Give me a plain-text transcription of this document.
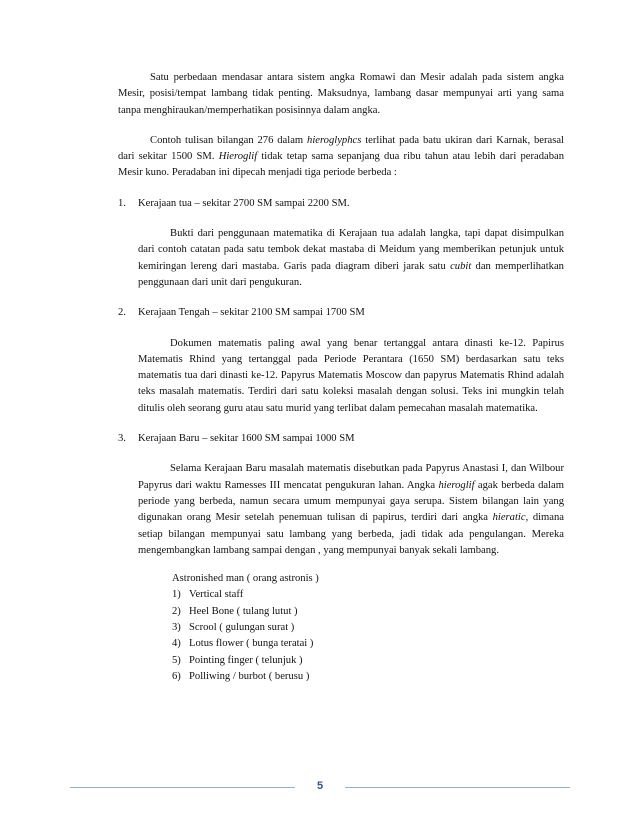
Satu perbedaan mendasar antara sistem angka Romawi dan Mesir adalah pada sistem angka Mesir, posisi/tempat lambang tidak penting. Maksudnya, lambang dasar mempunyai arti yang sama tanpa menghiraukan/memperhatikan posisinnya dalam angka.

Contoh tulisan bilangan 276 dalam hieroglyphcs terlihat pada batu ukiran dari Karnak, berasal dari sekitar 1500 SM. Hieroglif tidak tetap sama sepanjang dua ribu tahun atau lebih dari peradaban Mesir kuno. Peradaban ini dipecah menjadi tiga periode berbeda :

1. Kerajaan tua – sekitar 2700 SM sampai 2200 SM.

Bukti dari penggunaan matematika di Kerajaan tua adalah langka, tapi dapat disimpulkan dari contoh catatan pada satu tembok dekat mastaba di Meidum yang memberikan petunjuk untuk kemiringan lereng dari mastaba. Garis pada diagram diberi jarak satu cubit dan memperlihatkan penggunaan dari unit dari pengukuran.

2. Kerajaan Tengah – sekitar 2100 SM sampai 1700 SM

Dokumen matematis paling awal yang benar tertanggal antara dinasti ke-12. Papirus Matematis Rhind yang tertanggal pada Periode Perantara (1650 SM) berdasarkan satu teks matematis tua dari dinasti ke-12. Papyrus Matematis Moscow dan papyrus Matematis Rhind adalah teks masalah matematis. Terdiri dari satu koleksi masalah dengan solusi. Teks ini mungkin telah ditulis oleh seorang guru atau satu murid yang terlibat dalam pemecahan masalah matematika.

3. Kerajaan Baru – sekitar 1600 SM sampai 1000 SM

Selama Kerajaan Baru masalah matematis disebutkan pada Papyrus Anastasi I, dan Wilbour Papyrus dari waktu Ramesses III mencatat pengukuran lahan. Angka hieroglif agak berbeda dalam periode yang berbeda, namun secara umum mempunyai gaya serupa. Sistem bilangan lain yang digunakan orang Mesir setelah penemuan tulisan di papirus, terdiri dari angka hieratic, dimana setiap bilangan mempunyai satu lambang yang berbeda, jadi tidak ada pengulangan. Mereka mengembangkan lambang sampai dengan , yang mempunyai banyak sekali lambang.

Astronished man ( orang astronis )

1) Vertical staff
2) Heel Bone ( tulang lutut )
3) Scrool ( gulungan surat )
4) Lotus flower ( bunga teratai )
5) Pointing finger ( telunjuk )
6) Polliwing / burbot ( berusu )
5
